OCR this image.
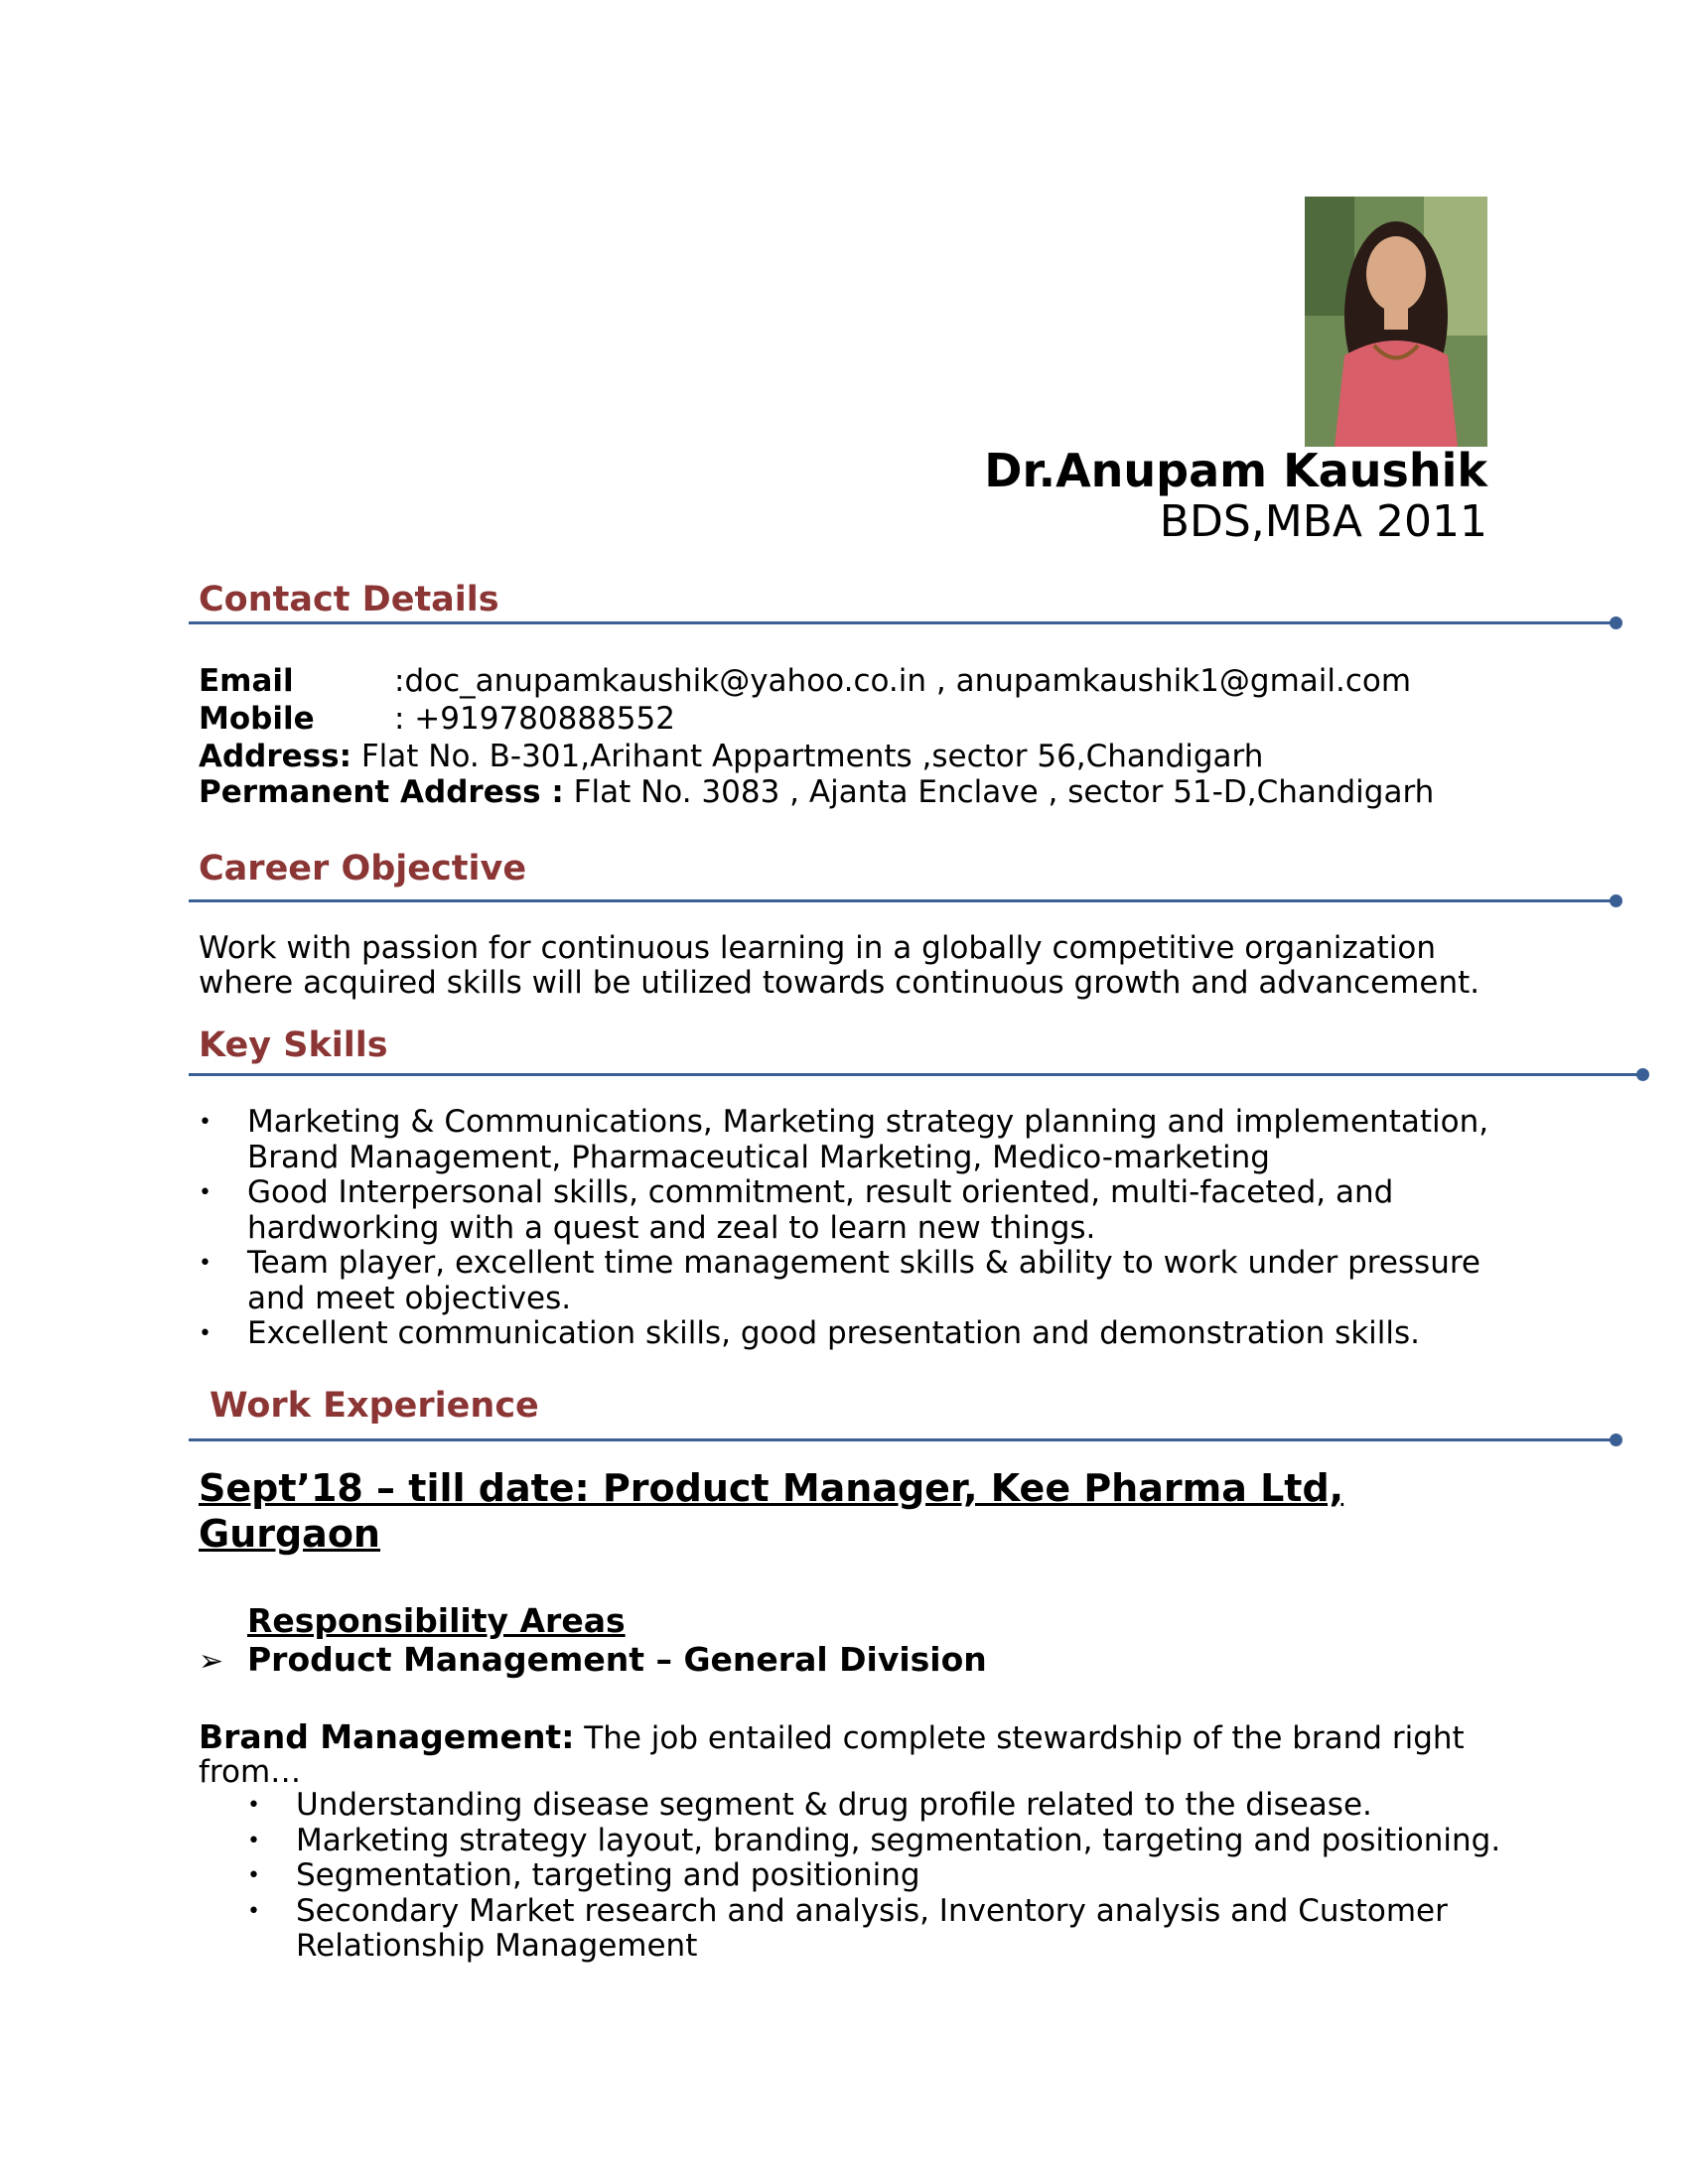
Dr.Anupam Kaushik
BDS,MBA 2011
Contact Details
Email	:doc_anupamkaushik@yahoo.co.in , anupamkaushik1@gmail.com
Mobile	: +919780888552
Address: Flat No. B-301,Arihant Appartments ,sector 56,Chandigarh
Permanent Address : Flat No. 3083 , Ajanta Enclave , sector 51-D,Chandigarh
Career Objective
Work with passion for continuous learning in a globally competitive organization
where acquired skills will be utilized towards continuous growth and advancement.
Key Skills
• Marketing & Communications, Marketing strategy planning and implementation,
Brand Management, Pharmaceutical Marketing, Medico-marketing
• Good Interpersonal skills, commitment, result oriented, multi-faceted, and
hardworking with a quest and zeal to learn new things.
• Team player, excellent time management skills & ability to work under pressure
and meet objectives.
• Excellent communication skills, good presentation and demonstration skills.
Work Experience
Sept’18 – till date: Product Manager, Kee Pharma Ltd,
Gurgaon
Responsibility Areas
➢ Product Management – General Division
Brand Management: The job entailed complete stewardship of the brand right
from…
• Understanding disease segment & drug profile related to the disease.
• Marketing strategy layout, branding, segmentation, targeting and positioning.
• Segmentation, targeting and positioning
• Secondary Market research and analysis, Inventory analysis and Customer
Relationship Management
